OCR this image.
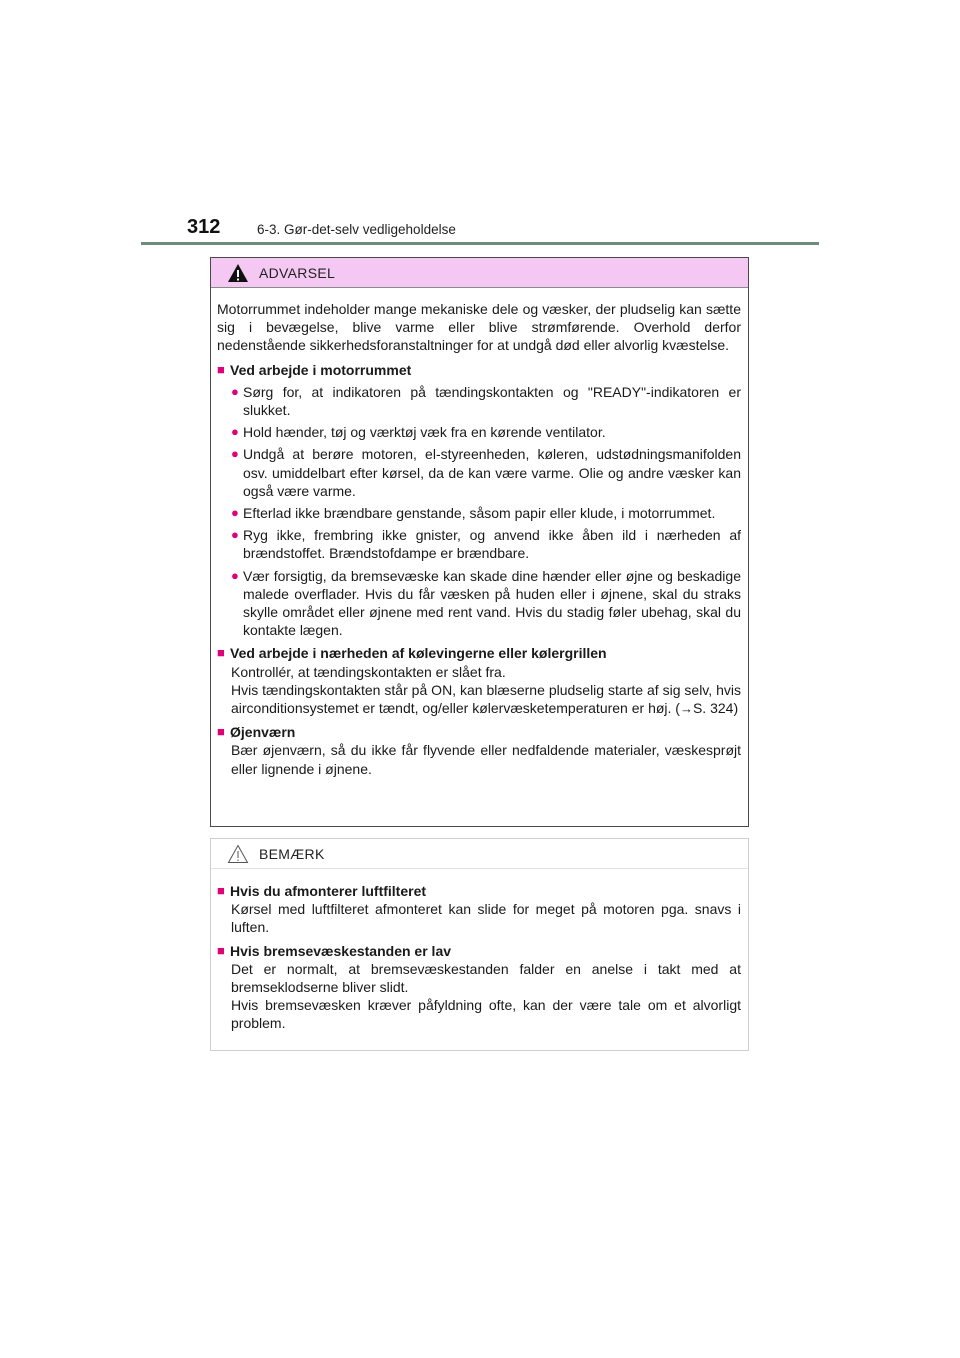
312	6-3. Gør-det-selv vedligeholdelse
ADVARSEL

Motorrummet indeholder mange mekaniske dele og væsker, der pludselig kan sætte sig i bevægelse, blive varme eller blive strømførende. Overhold derfor nedenstående sikkerhedsforanstaltninger for at undgå død eller alvorlig kvæstelse.

■ Ved arbejde i motorrummet
● Sørg for, at indikatoren på tændingskontakten og "READY"-indikatoren er slukket.
● Hold hænder, tøj og værktøj væk fra en kørende ventilator.
● Undgå at berøre motoren, el-styreenheden, køleren, udstødningsmanifolden osv. umiddelbart efter kørsel, da de kan være varme. Olie og andre væsker kan også være varme.
● Efterlad ikke brændbare genstande, såsom papir eller klude, i motorrummet.
● Ryg ikke, frembring ikke gnister, og anvend ikke åben ild i nærheden af brændstoffet. Brændstofdampe er brændbare.
● Vær forsigtig, da bremsevæske kan skade dine hænder eller øjne og beskadige malede overflader. Hvis du får væsken på huden eller i øjnene, skal du straks skylle området eller øjnene med rent vand. Hvis du stadig føler ubehag, skal du kontakte lægen.
■ Ved arbejde i nærheden af kølevingerne eller kølergrillen

Kontrollér, at tændingskontakten er slået fra.

Hvis tændingskontakten står på ON, kan blæserne pludselig starte af sig selv, hvis airconditionsystemet er tændt, og/eller kølervæsketemperaturen er høj. (→S. 324)

■ Øjenværn

Bær øjenværn, så du ikke får flyvende eller nedfaldende materialer, væskesprøjt eller lignende i øjnene.

BEMÆRK
■ Hvis du afmonterer luftfilteret

Kørsel med luftfilteret afmonteret kan slide for meget på motoren pga. snavs i luften.

■ Hvis bremsevæskestanden er lav

Det er normalt, at bremsevæskestanden falder en anelse i takt med at bremseklodserne bliver slidt.

Hvis bremsevæsken kræver påfyldning ofte, kan der være tale om et alvorligt problem.
